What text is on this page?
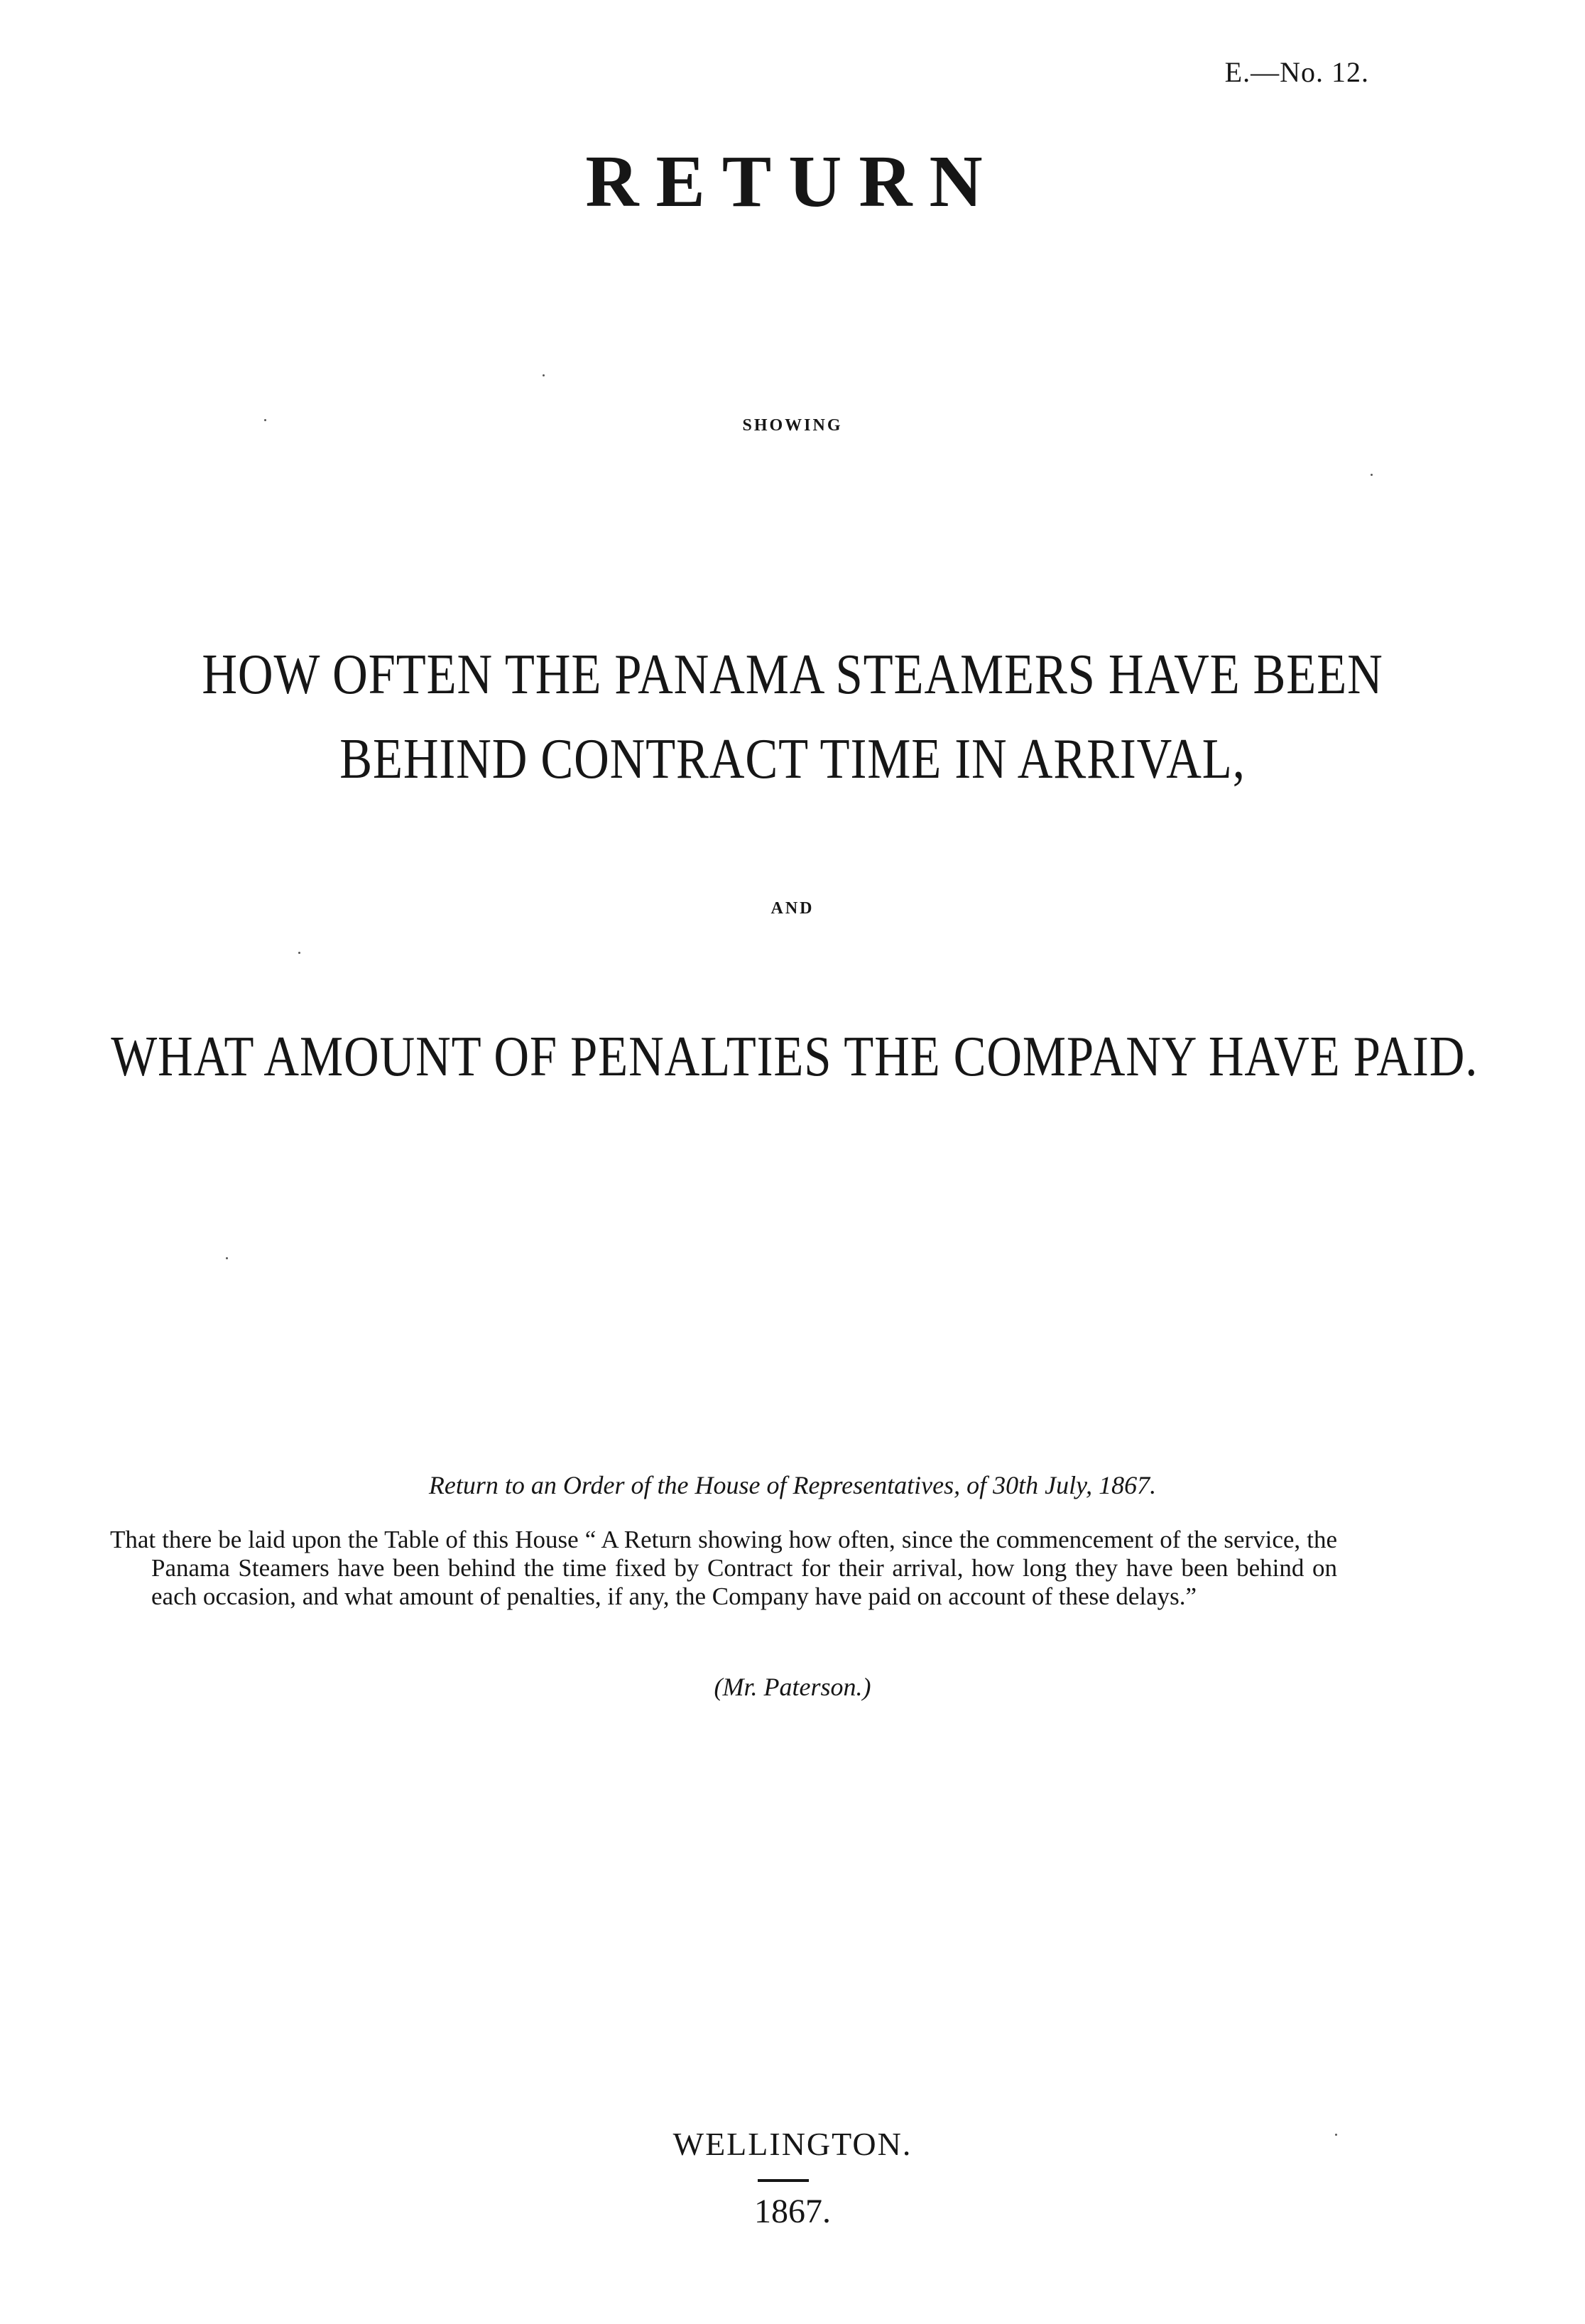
E.—No. 12.
RETURN
SHOWING
HOW OFTEN THE PANAMA STEAMERS HAVE BEEN
BEHIND CONTRACT TIME IN ARRIVAL,
AND
WHAT AMOUNT OF PENALTIES THE COMPANY HAVE PAID.
Return to an Order of the House of Representatives, of 30th July, 1867.
That there be laid upon the Table of this House “ A Return showing how often, since the commencement of the service, the Panama Steamers have been behind the time fixed by Contract for their arrival, how long they have been behind on each occasion, and what amount of penalties, if any, the Company have paid on account of these delays.”
(Mr. Paterson.)
WELLINGTON.
1867.
